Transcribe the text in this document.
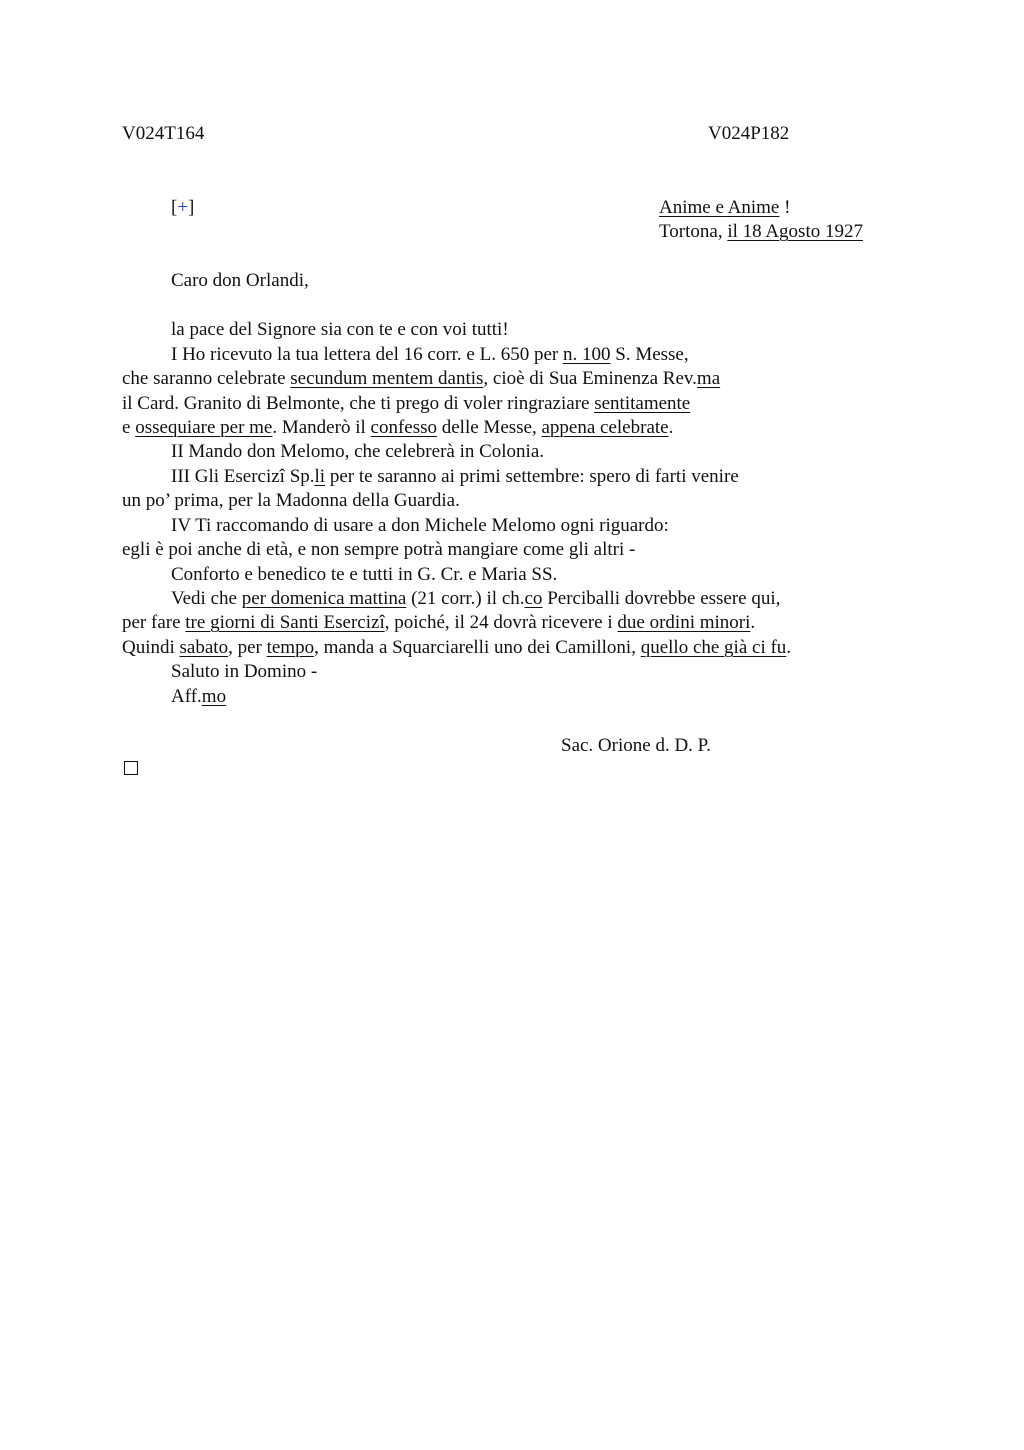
V024T164	V024P182
[+]	Anime e Anime !
Tortona, il 18 Agosto 1927
Caro don Orlandi,
la pace del Signore sia con te e con voi tutti!
I Ho ricevuto la tua lettera del 16 corr. e L. 650 per n. 100 S. Messe,
che saranno celebrate secundum mentem dantis, cioè di Sua Eminenza Rev.ma
il Card. Granito di Belmonte, che ti prego di voler ringraziare sentitamente
e ossequiare per me. Manderò il confesso delle Messe, appena celebrate.
II Mando don Melomo, che celebrerà in Colonia.
III Gli Esercizi Sp.li per te saranno ai primi settembre: spero di farti venire
un po’ prima, per la Madonna della Guardia.
IV Ti raccomando di usare a don Michele Melomo ogni riguardo:
egli è poi anche di età, e non sempre potrà mangiare come gli altri -
Conforto e benedico te e tutti in G. Cr. e Maria SS.
Vedi che per domenica mattina (21 corr.) il ch.co Perciballi dovrebbe essere qui,
per fare tre giorni di Santi Esercizi, poiché, il 24 dovrà ricevere i due ordini minori.
Quindi sabato, per tempo, manda a Squarciarelli uno dei Camilloni, quello che già ci fu.
Saluto in Domino -
Aff.mo
Sac. Orione d. D. P.
